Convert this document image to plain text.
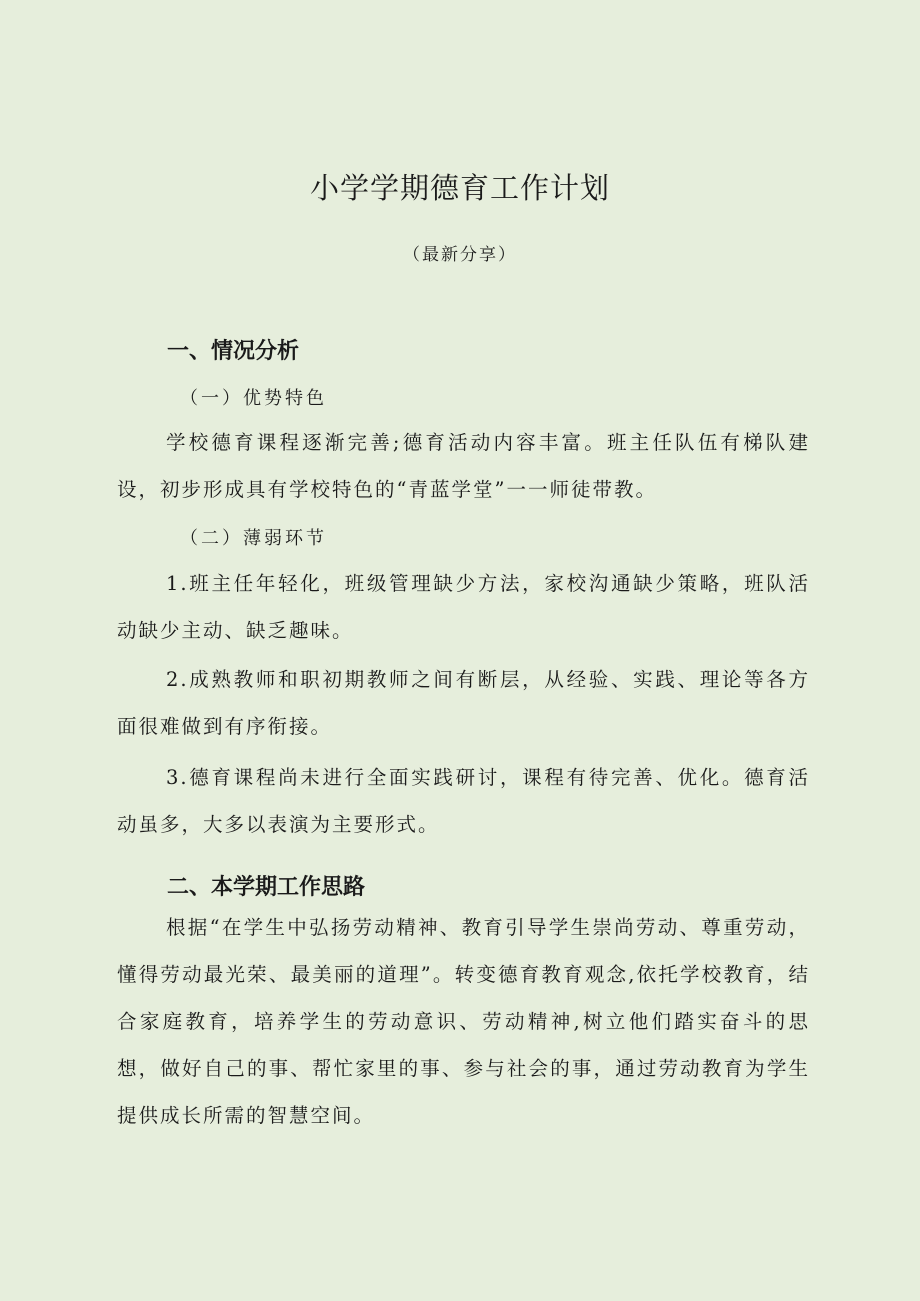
小学学期德育工作计划
（最新分享）
一、情况分析
（一）优势特色
学校德育课程逐渐完善;德育活动内容丰富。班主任队伍有梯队建设，初步形成具有学校特色的“青蓝学堂”一一师徒带教。
（二）薄弱环节
1.班主任年轻化，班级管理缺少方法，家校沟通缺少策略，班队活动缺少主动、缺乏趣味。
2.成熟教师和职初期教师之间有断层，从经验、实践、理论等各方面很难做到有序衔接。
3.德育课程尚未进行全面实践研讨，课程有待完善、优化。德育活动虽多，大多以表演为主要形式。
二、本学期工作思路
根据“在学生中弘扬劳动精神、教育引导学生崇尚劳动、尊重劳动，懂得劳动最光荣、最美丽的道理”。转变德育教育观念,依托学校教育，结合家庭教育，培养学生的劳动意识、劳动精神,树立他们踏实奋斗的思想，做好自己的事、帮忙家里的事、参与社会的事，通过劳动教育为学生提供成长所需的智慧空间。
